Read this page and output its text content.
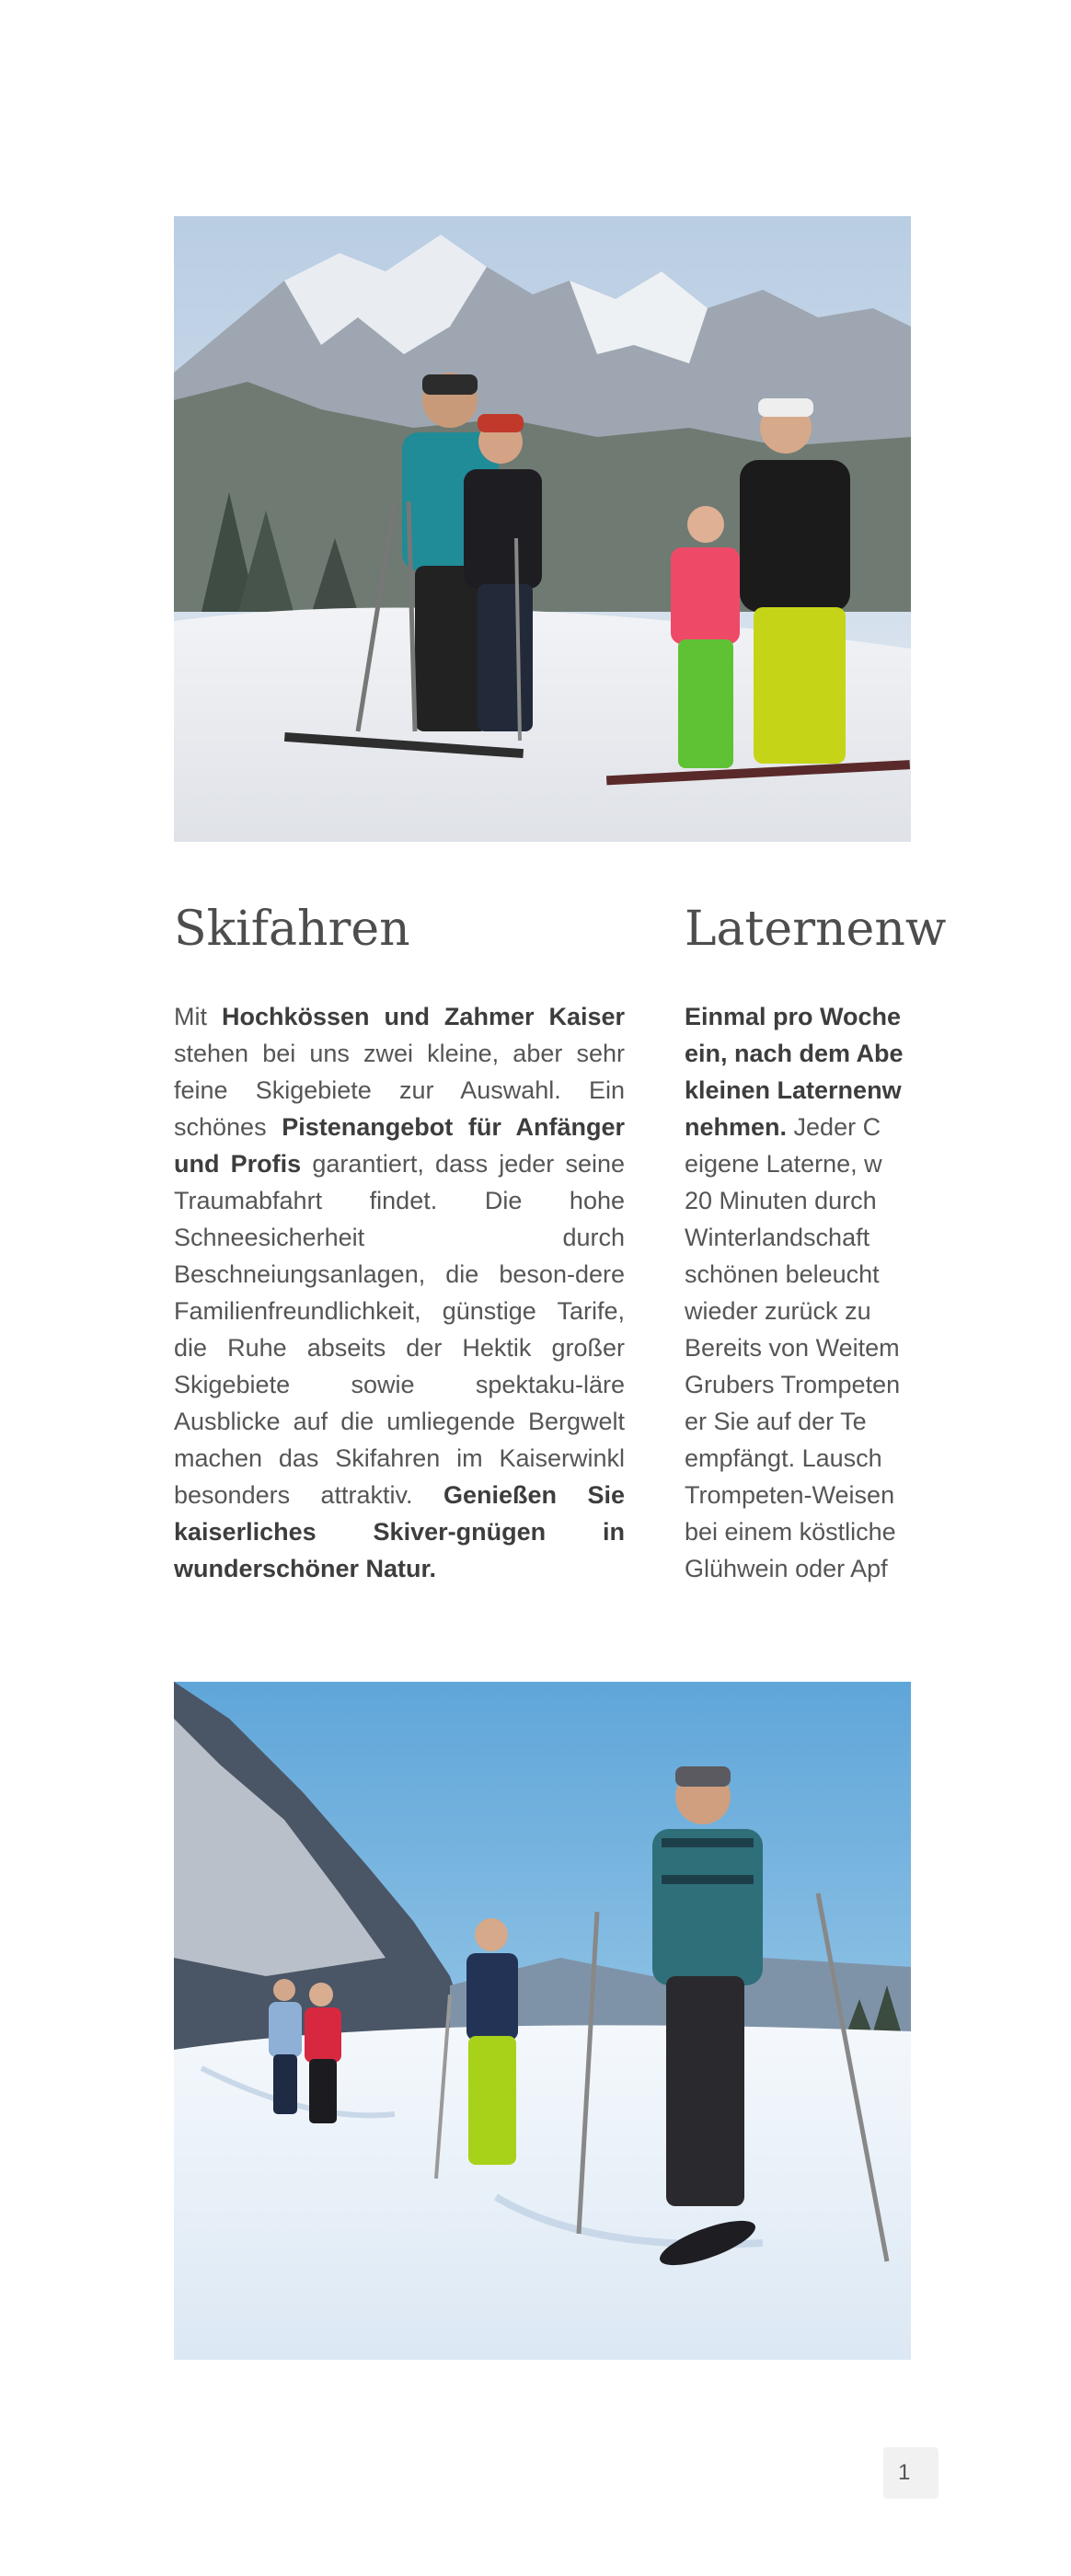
Skifahren	Laternenw

Mit Hochkössen und Zahmer Kaiser stehen bei uns zwei kleine, aber sehr feine Skigebiete zur Auswahl. Ein schönes Pistenangebot für Anfänger und Profis garantiert, dass jeder seine Traumabfahrt findet. Die hohe Schneesicherheit durch Beschneiungsanlagen, die beson-dere Familienfreundlichkeit, günstige Tarife, die Ruhe abseits der Hektik großer Skigebiete sowie spektaku-läre Ausblicke auf die umliegende Bergwelt machen das Skifahren im Kaiserwinkl besonders attraktiv. Genießen Sie kaiserliches Skiver-gnügen in wunderschöner Natur.

Einmal pro Woche
ein, nach dem Abe
kleinen Laternenw
nehmen. Jeder C
eigene Laterne, w
20 Minuten durch
Winterlandschaft
schönen beleucht
wieder zurück zu
Bereits von Weitem
Grubers Trompeten
er Sie auf der Te
empfängt. Lausch
Trompeten-Weisen
bei einem köstliche
Glühwein oder Apf
1
